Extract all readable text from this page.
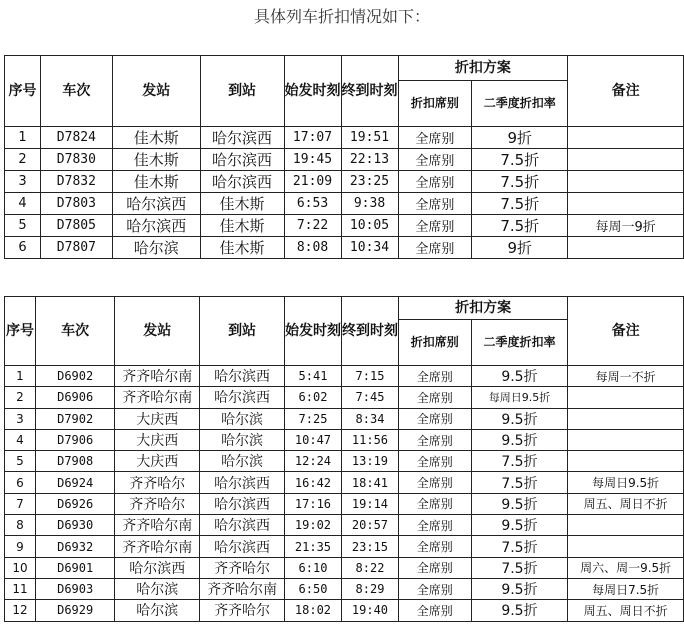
具体列车折扣情况如下：
序号	车次	发站	到站	始发时刻	终到时刻	折扣方案		备注
						折扣席别	二季度折扣率	
1	D7824	佳木斯	哈尔滨西	17:07	19:51	全席别	9折	
2	D7830	佳木斯	哈尔滨西	19:45	22:13	全席别	7.5折	
3	D7832	佳木斯	哈尔滨西	21:09	23:25	全席别	7.5折	
4	D7803	哈尔滨西	佳木斯	6:53	9:38	全席别	7.5折	
5	D7805	哈尔滨西	佳木斯	7:22	10:05	全席别	7.5折	每周一9折
6	D7807	哈尔滨	佳木斯	8:08	10:34	全席别	9折	
序号	车次	发站	到站	始发时刻	终到时刻	折扣方案		备注
						折扣席别	二季度折扣率	
1	D6902	齐齐哈尔南	哈尔滨西	5:41	7:15	全席别	9.5折	每周一不折
2	D6906	齐齐哈尔南	哈尔滨西	6:02	7:45	全席别	每周日9.5折	
3	D7902	大庆西	哈尔滨	7:25	8:34	全席别	9.5折	
4	D7906	大庆西	哈尔滨	10:47	11:56	全席别	9.5折	
5	D7908	大庆西	哈尔滨	12:24	13:19	全席别	7.5折	
6	D6924	齐齐哈尔	哈尔滨西	16:42	18:41	全席别	7.5折	每周日9.5折
7	D6926	齐齐哈尔	哈尔滨西	17:16	19:14	全席别	9.5折	周五、周日不折
8	D6930	齐齐哈尔南	哈尔滨西	19:02	20:57	全席别	9.5折	
9	D6932	齐齐哈尔南	哈尔滨西	21:35	23:15	全席别	7.5折	
10	D6901	哈尔滨西	齐齐哈尔	6:10	8:22	全席别	7.5折	周六、周一9.5折
11	D6903	哈尔滨	齐齐哈尔南	6:50	8:29	全席别	9.5折	每周日7.5折
12	D6929	哈尔滨	齐齐哈尔	18:02	19:40	全席别	9.5折	周五、周日不折
